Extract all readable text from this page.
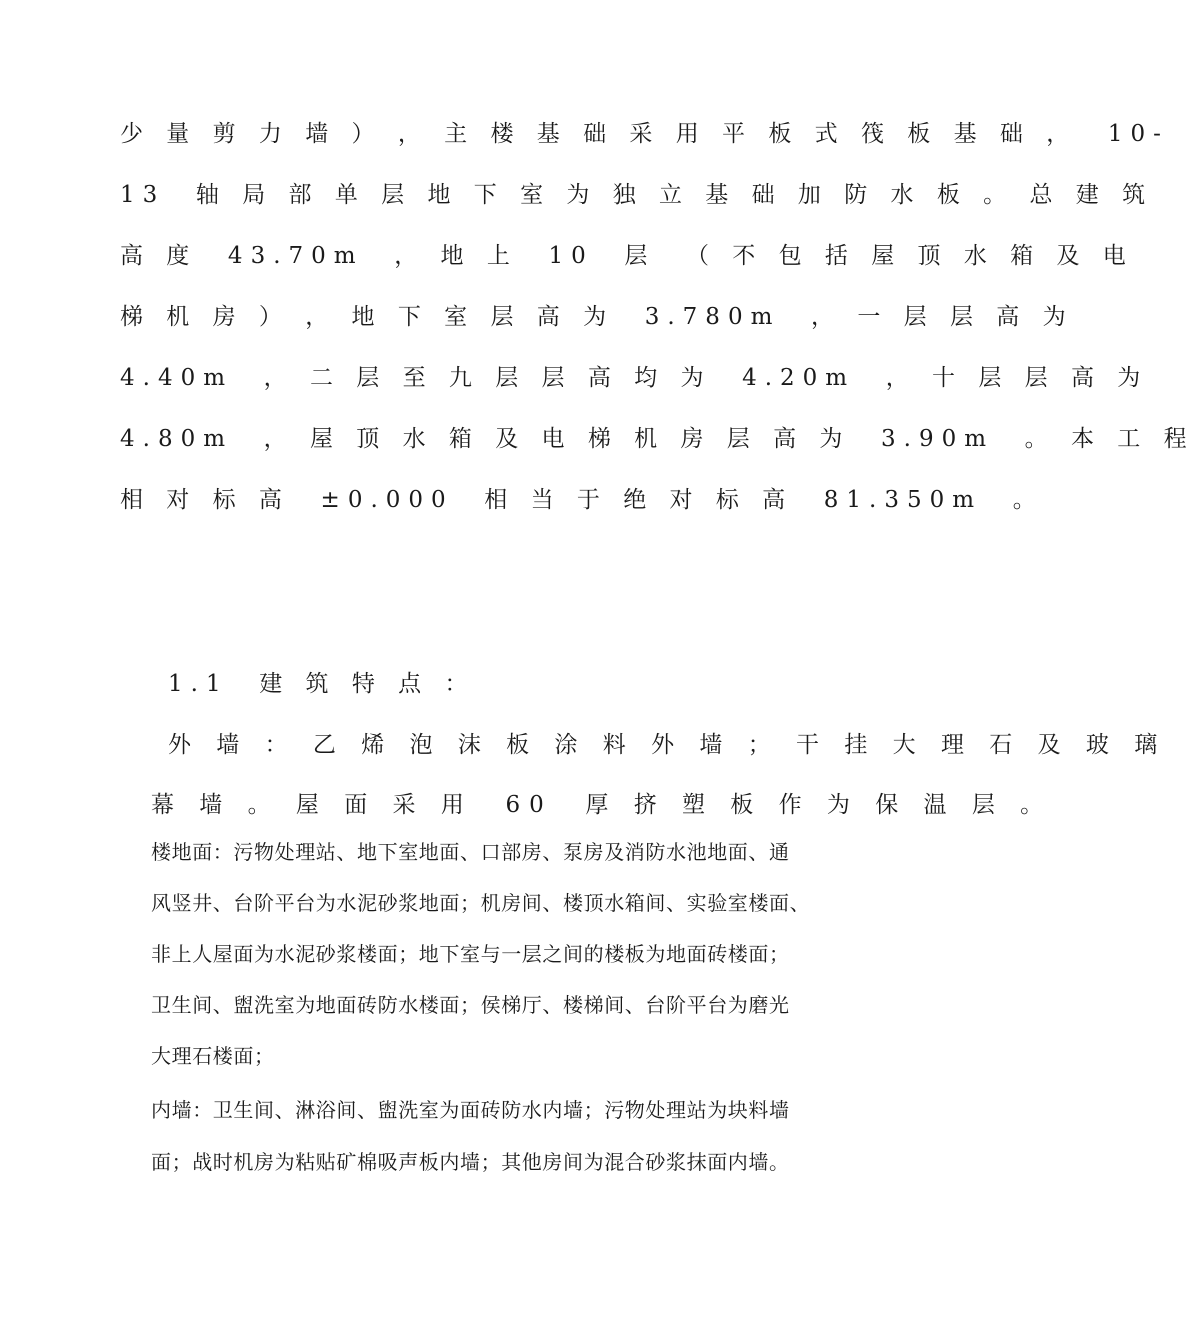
少 量 剪 力 墙 ） ， 主 楼 基 础 采 用 平 板 式 筏 板 基 础 ，  10-

13  轴 局 部 单 层 地 下 室 为 独 立 基 础 加 防 水 板 。 总 建 筑

高 度  43.70m  ， 地 上  10  层  （ 不 包 括 屋 顶 水 箱 及 电

梯 机 房 ） ， 地 下 室 层 高 为  3.780m  ， 一 层 层 高 为

4.40m  ， 二 层 至 九 层 层 高 均 为  4.20m  ， 十 层 层 高 为

4.80m  ， 屋 顶 水 箱 及 电 梯 机 房 层 高 为  3.90m  。 本 工 程

相 对 标 高  ±0.000  相 当 于 绝 对 标 高  81.350m  。

1.1  建 筑 特 点 ：

外 墙 ： 乙 烯 泡 沫 板 涂 料 外 墙 ； 干 挂 大 理 石 及 玻 璃

幕 墙 。 屋 面 采 用  60  厚 挤 塑 板 作 为 保 温 层 。

楼地面：污物处理站、地下室地面、口部房、泵房及消防水池地面、通

风竖井、台阶平台为水泥砂浆地面；机房间、楼顶水箱间、实验室楼面、

非上人屋面为水泥砂浆楼面；地下室与一层之间的楼板为地面砖楼面；

卫生间、盥洗室为地面砖防水楼面；侯梯厅、楼梯间、台阶平台为磨光

大理石楼面；

内墙：卫生间、淋浴间、盥洗室为面砖防水内墙；污物处理站为块料墙

面；战时机房为粘贴矿棉吸声板内墙；其他房间为混合砂浆抹面内墙。
